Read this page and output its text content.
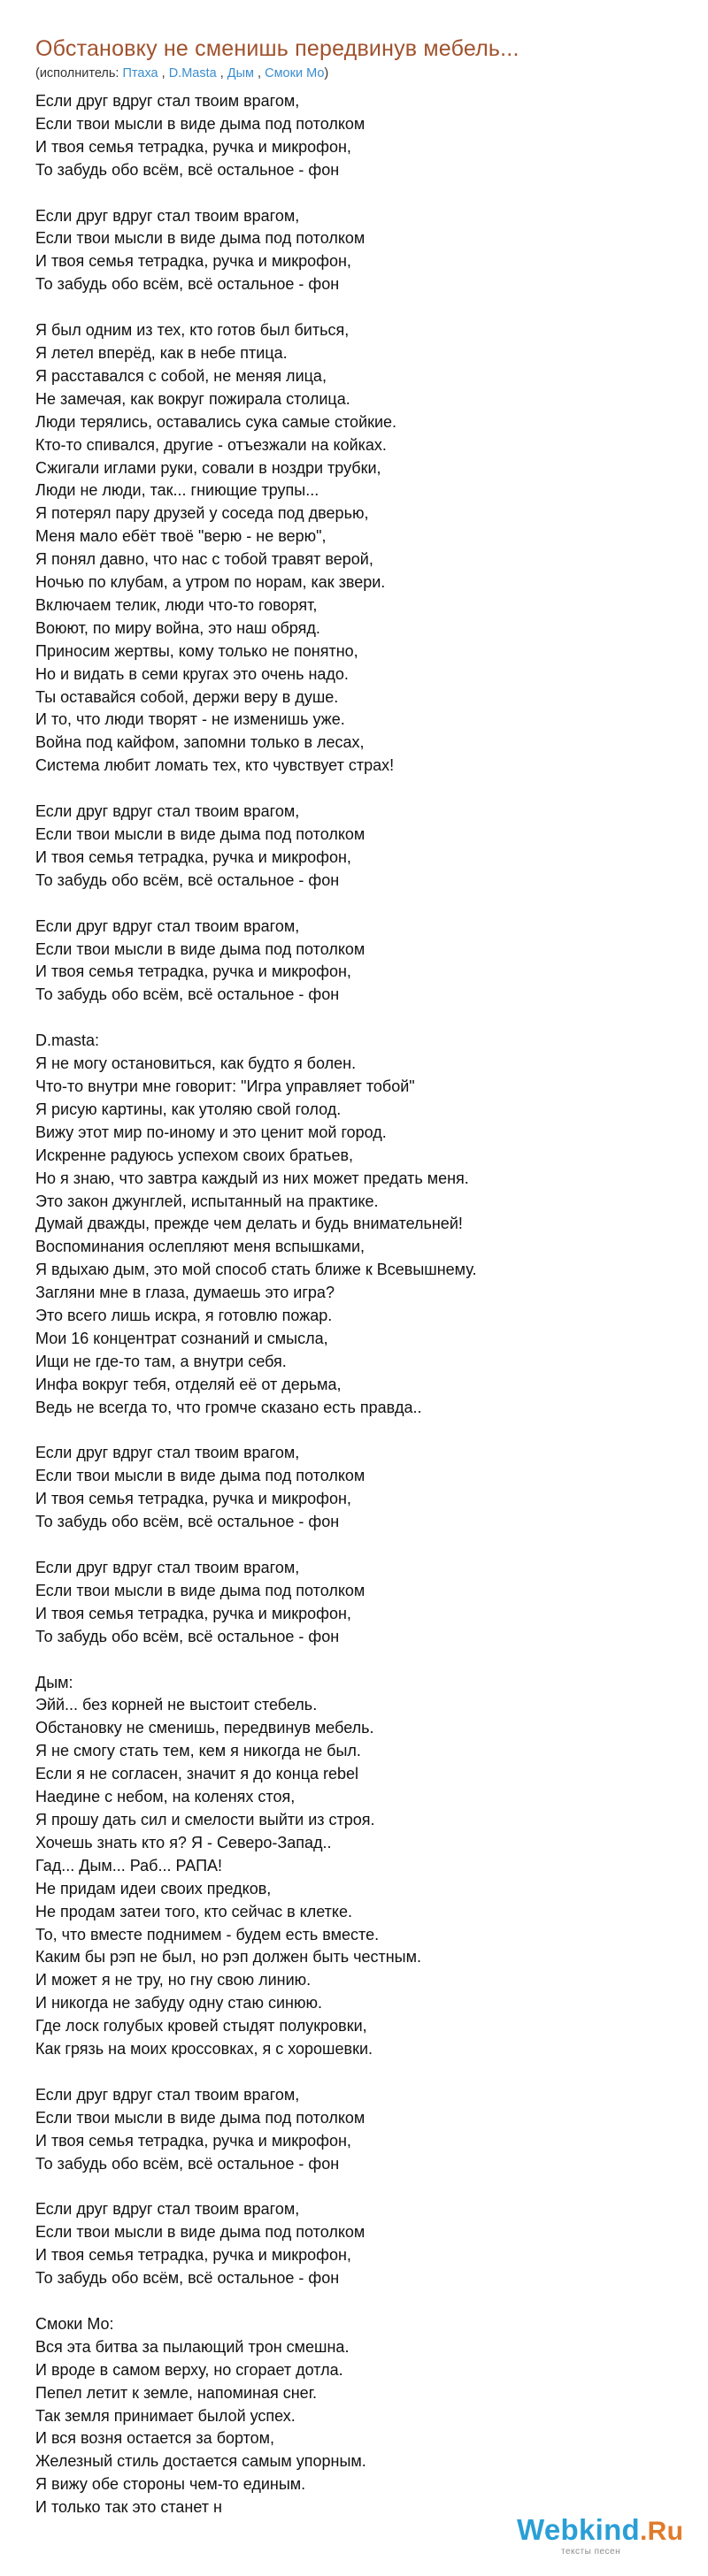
Обстановку не сменишь передвинув мебель...
(исполнитель: Птаха , D.Masta , Дым , Смоки Мо)
Если друг вдруг стал твоим врагом,
Если твои мысли в виде дыма под потолком
И твоя семья тетрадка, ручка и микрофон,
То забудь обо всём, всё остальное - фон

Если друг вдруг стал твоим врагом,
Если твои мысли в виде дыма под потолком
И твоя семья тетрадка, ручка и микрофон,
То забудь обо всём, всё остальное - фон

Я был одним из тех, кто готов был биться,
Я летел вперёд, как в небе птица.
Я расставался с собой, не меняя лица,
Не замечая, как вокруг пожирала столица.
Люди терялись, оставались сука самые стойкие.
Кто-то спивался, другие - отъезжали на койках.
Сжигали иглами руки, совали в ноздри трубки,
Люди не люди, так... гниющие трупы...
Я потерял пару друзей у соседа под дверью,
Меня мало ебёт твоё "верю - не верю",
Я понял давно, что нас с тобой травят верой,
Ночью по клубам, а утром по норам, как звери.
Включаем телик, люди что-то говорят,
Воюют, по миру война, это наш обряд.
Приносим жертвы, кому только не понятно,
Но и видать в семи кругах это очень надо.
Ты оставайся собой, держи веру в душе.
И то, что люди творят - не изменишь уже.
Война под кайфом, запомни только в лесах,
Система любит ломать тех, кто чувствует страх!

Если друг вдруг стал твоим врагом,
Если твои мысли в виде дыма под потолком
И твоя семья тетрадка, ручка и микрофон,
То забудь обо всём, всё остальное - фон

Если друг вдруг стал твоим врагом,
Если твои мысли в виде дыма под потолком
И твоя семья тетрадка, ручка и микрофон,
То забудь обо всём, всё остальное - фон

D.masta:
Я не могу остановиться, как будто я болен.
Что-то внутри мне говорит: "Игра управляет тобой"
Я рисую картины, как утоляю свой голод.
Вижу этот мир по-иному и это ценит мой город.
Искренне радуюсь успехом своих братьев,
Но я знаю, что завтра каждый из них может предать меня.
Это закон джунглей, испытанный на практике.
Думай дважды, прежде чем делать и будь внимательней!
Воспоминания ослепляют меня вспышками,
Я вдыхаю дым, это мой способ стать ближе к Всевышнему.
Загляни мне в глаза, думаешь это игра?
Это всего лишь искра, я готовлю пожар.
Мои 16 концентрат сознаний и смысла,
Ищи не где-то там, а внутри себя.
Инфа вокруг тебя, отделяй её от дерьма,
Ведь не всегда то, что громче сказано есть правда..

Если друг вдруг стал твоим врагом,
Если твои мысли в виде дыма под потолком
И твоя семья тетрадка, ручка и микрофон,
То забудь обо всём, всё остальное - фон

Если друг вдруг стал твоим врагом,
Если твои мысли в виде дыма под потолком
И твоя семья тетрадка, ручка и микрофон,
То забудь обо всём, всё остальное - фон

Дым:
Эйй... без корней не выстоит стебель.
Обстановку не сменишь, передвинув мебель.
Я не смогу стать тем, кем я никогда не был.
Если я не согласен, значит я до конца rebel
Наедине с небом, на коленях стоя,
Я прошу дать сил и смелости выйти из строя.
Хочешь знать кто я? Я - Северо-Запад..
Гад... Дым... Раб... РАПА!
Не придам идеи своих предков,
Не продам затеи того, кто сейчас в клетке.
То, что вместе поднимем - будем есть вместе.
Каким бы рэп не был, но рэп должен быть честным.
И может я не тру, но гну свою линию.
И никогда не забуду одну стаю синюю.
Где лоск голубых кровей стыдят полукровки,
Как грязь на моих кроссовках, я с хорошевки.

Если друг вдруг стал твоим врагом,
Если твои мысли в виде дыма под потолком
И твоя семья тетрадка, ручка и микрофон,
То забудь обо всём, всё остальное - фон

Если друг вдруг стал твоим врагом,
Если твои мысли в виде дыма под потолком
И твоя семья тетрадка, ручка и микрофон,
То забудь обо всём, всё остальное - фон

Смоки Мо:
Вся эта битва за пылающий трон смешна.
И вроде в самом верху, но сгорает дотла.
Пепел летит к земле, напоминая снег.
Так земля принимает былой успех.
И вся возня остается за бортом,
Железный стиль достается самым упорным.
Я вижу обе стороны чем-то единым.
И только так это станет н
Webkind.Ru
тексты песен
